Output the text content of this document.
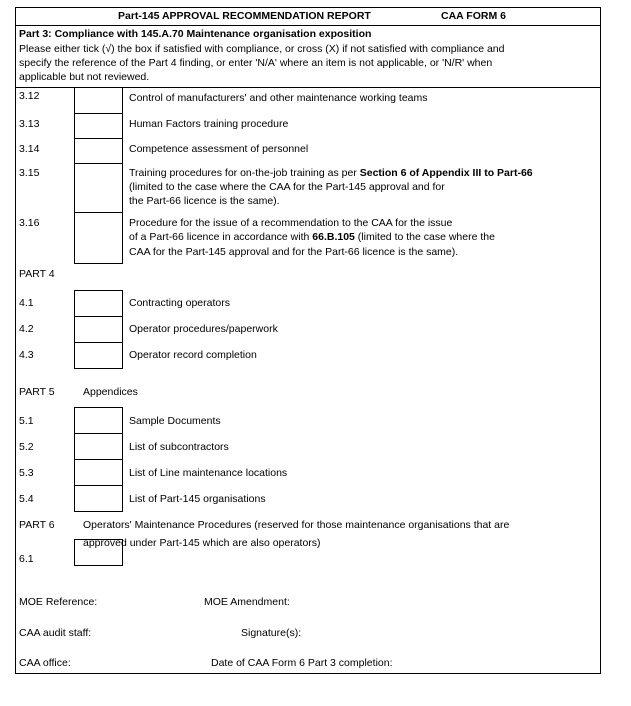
Part-145 APPROVAL RECOMMENDATION REPORT	CAA FORM 6
Part 3: Compliance with 145.A.70 Maintenance organisation exposition
Please either tick (√) the box if satisfied with compliance, or cross (X) if not satisfied with compliance and
specify the reference of the Part 4 finding, or enter 'N/A' where an item is not applicable, or 'N/R' when
applicable but not reviewed.
3.12	Control of manufacturers' and other maintenance working teams
3.13	Human Factors training procedure
3.14	Competence assessment of personnel
3.15	Training procedures for on-the-job training as per Section 6 of Appendix III to Part-66
(limited to the case where the CAA for the Part-145 approval and for
the Part-66 licence is the same).
3.16	Procedure for the issue of a recommendation to the CAA for the issue
of a Part-66 licence in accordance with 66.B.105 (limited to the case where the
CAA for the Part-145 approval and for the Part-66 licence is the same).
PART 4
4.1	Contracting operators
4.2	Operator procedures/paperwork
4.3	Operator record completion
PART 5	Appendices
5.1	Sample Documents
5.2	List of subcontractors
5.3	List of Line maintenance locations
5.4	List of Part-145 organisations
PART 6	Operators' Maintenance Procedures (reserved for those maintenance organisations that are
approved under Part-145 which are also operators)
6.1
MOE Reference:	MOE Amendment:
CAA audit staff:	Signature(s):
CAA office:	Date of CAA Form 6 Part 3 completion:
